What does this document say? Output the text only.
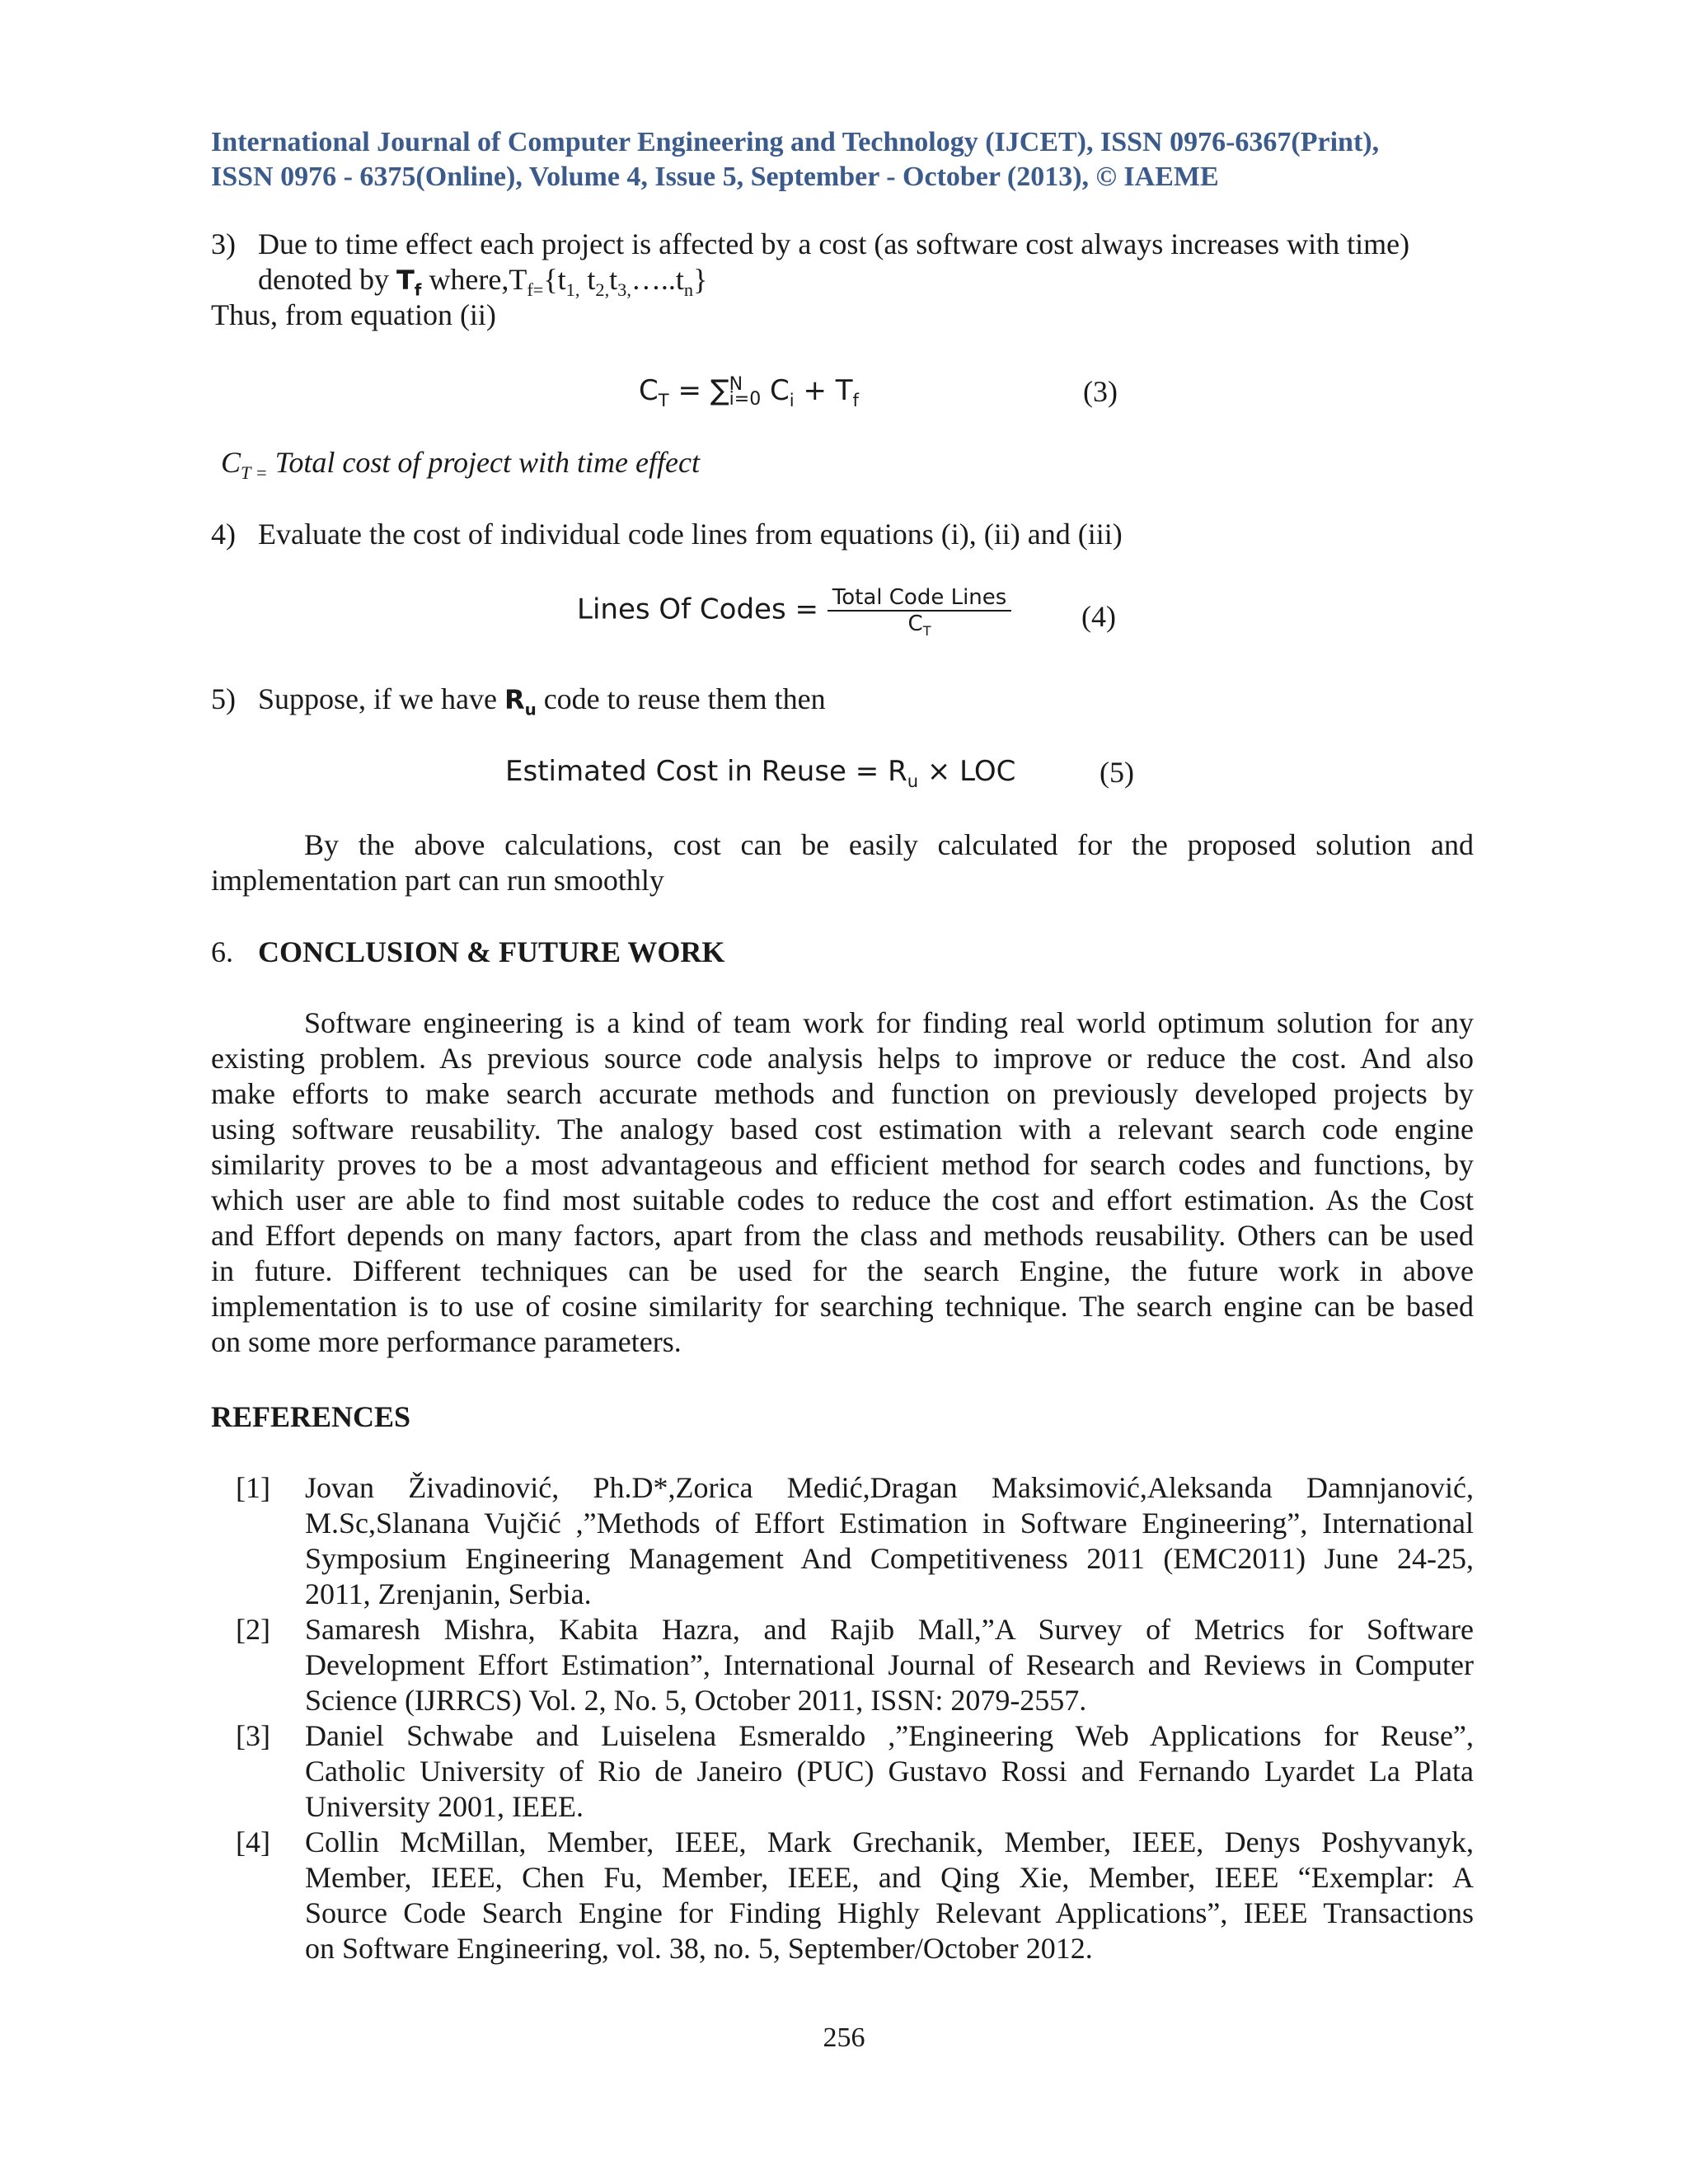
International Journal of Computer Engineering and Technology (IJCET), ISSN 0976-6367(Print),
ISSN 0976 - 6375(Online), Volume 4, Issue 5, September - October (2013), © IAEME
3) Due to time effect each project is affected by a cost (as software cost always increases with time)
denoted by $T_f$ $where,T_{f=}\{t_{1,}$ $t_{2,}t_{3,}\dots..t_n$}
Thus, from equation (ii)
$C_T$ = ∑ N
i=0 $C_i + T_f$	(3)
$C_{T =}$ Total cost of project with time effect
4) Evaluate the cost of individual code lines from equations (i), (ii) and (iii)
Lines Of Codes = $\frac{\text{Total Code Lines}}{C_T} (4)$
5) Suppose, if we have $R_u$ code to reuse them then
Estimated Cost in Reuse = $R_u$ × LOC	(5)
By the above calculations, cost can be easily calculated for the proposed solution and
implementation part can run smoothly
6. CONCLUSION & FUTURE WORK
Software engineering is a kind of team work for finding real world optimum solution for any
existing problem. As previous source code analysis helps to improve or reduce the cost. And also
make efforts to make search accurate methods and function on previously developed projects by
using software reusability. The analogy based cost estimation with a relevant search code engine
similarity proves to be a most advantageous and efficient method for search codes and functions, by
which user are able to find most suitable codes to reduce the cost and effort estimation. As the Cost
and Effort depends on many factors, apart from the class and methods reusability. Others can be used
in future. Different techniques can be used for the search Engine, the future work in above
implementation is to use of cosine similarity for searching technique. The search engine can be based
on some more performance parameters.
REFERENCES
[1] Jovan Živadinović, Ph.D*,Zorica Medić,Dragan Maksimović,Aleksanda Damnjanović,
M.Sc,Slanana Vujčić ,”Methods of Effort Estimation in Software Engineering”, International
Symposium Engineering Management And Competitiveness 2011 (EMC2011) June 24-25,
2011, Zrenjanin, Serbia.
[2] Samaresh Mishra, Kabita Hazra, and Rajib Mall,”A Survey of Metrics for Software
Development Effort Estimation”, International Journal of Research and Reviews in Computer
Science (IJRRCS) Vol. 2, No. 5, October 2011, ISSN: 2079-2557.
[3] Daniel Schwabe and Luiselena Esmeraldo ,”Engineering Web Applications for Reuse”,
Catholic University of Rio de Janeiro (PUC) Gustavo Rossi and Fernando Lyardet La Plata
University 2001, IEEE.
[4] Collin McMillan, Member, IEEE, Mark Grechanik, Member, IEEE, Denys Poshyvanyk,
Member, IEEE, Chen Fu, Member, IEEE, and Qing Xie, Member, IEEE “Exemplar: A
Source Code Search Engine for Finding Highly Relevant Applications”, IEEE Transactions
on Software Engineering, vol. 38, no. 5, September/October 2012.
256
